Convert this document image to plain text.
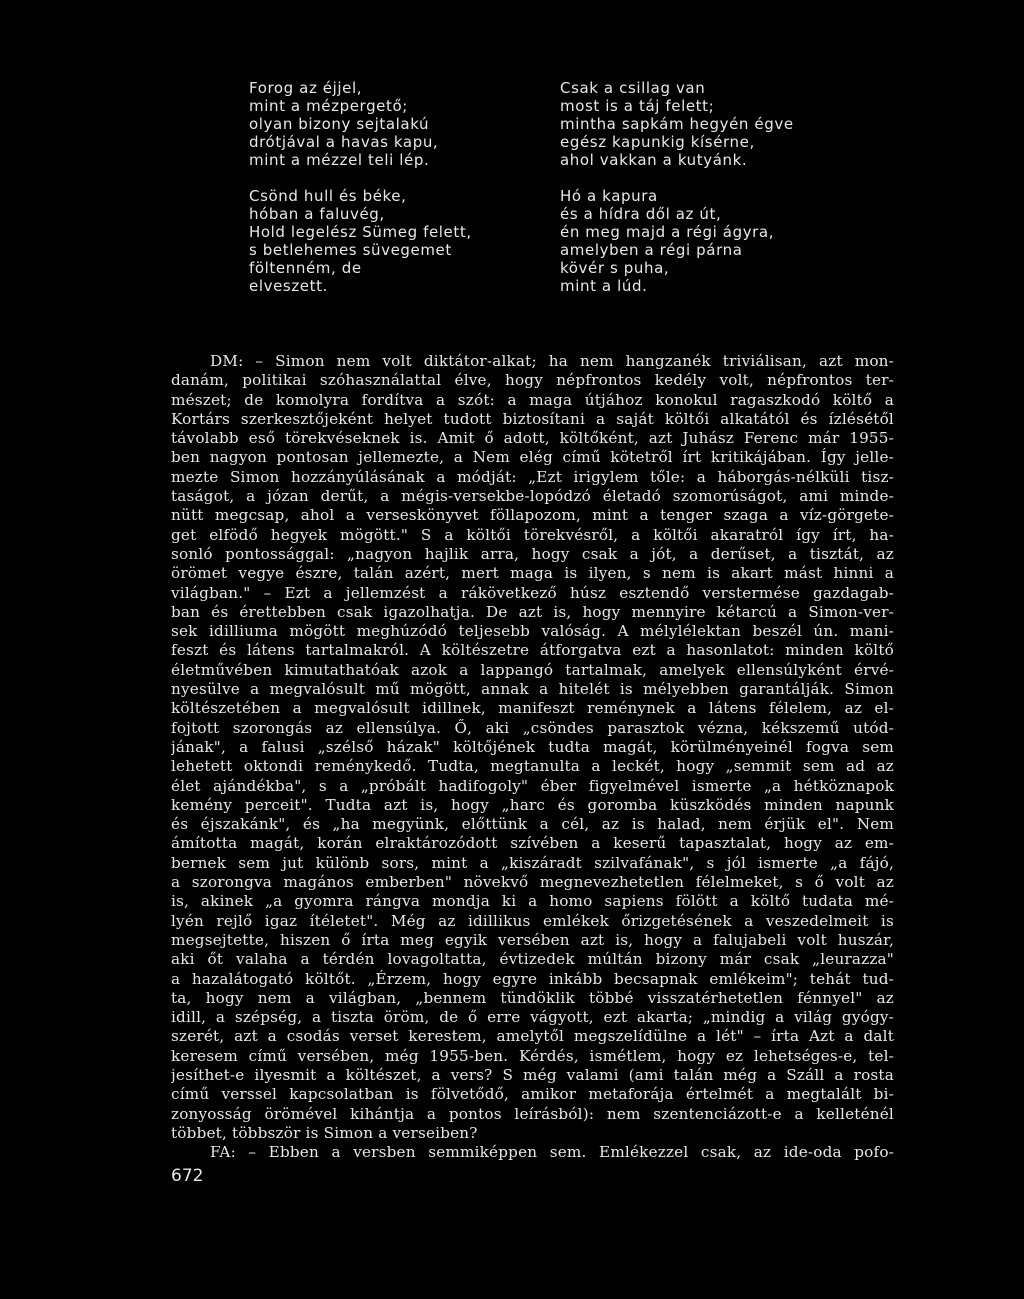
Forog az éjjel,
mint a mézpergető;
olyan bizony sejtalakú
drótjával a havas kapu,
mint a mézzel teli lép.
Csönd hull és béke,
hóban a faluvég,
Hold legelész Sümeg felett,
s betlehemes süvegemet
föltenném, de
elveszett.
Csak a csillag van
most is a táj felett;
mintha sapkám hegyén égve
egész kapunkig kísérne,
ahol vakkan a kutyánk.
Hó a kapura
és a hídra dől az út,
én meg majd a régi ágyra,
amelyben a régi párna
kövér s puha,
mint a lúd.
DM: – Simon nem volt diktátor-alkat; ha nem hangzanék triviálisan, azt mon-
danám, politikai szóhasználattal élve, hogy népfrontos kedély volt, népfrontos ter-
mészet; de komolyra fordítva a szót: a maga útjához konokul ragaszkodó költő a
Kortárs szerkesztőjeként helyet tudott biztosítani a saját költői alkatától és ízlésétől
távolabb eső törekvéseknek is. Amit ő adott, költőként, azt Juhász Ferenc már 1955-
ben nagyon pontosan jellemezte, a Nem elég című kötetről írt kritikájában. Így jelle-
mezte Simon hozzányúlásának a módját: „Ezt irigylem tőle: a háborgás-nélküli tisz-
taságot, a józan derűt, a mégis-versekbe-lopódzó életadó szomorúságot, ami minde-
nütt megcsap, ahol a verseskönyvet föllapozom, mint a tenger szaga a víz-görgete-
get elfödő hegyek mögött." S a költői törekvésről, a költői akaratról így írt, ha-
sonló pontossággal: „nagyon hajlik arra, hogy csak a jót, a derűset, a tisztát, az
örömet vegye észre, talán azért, mert maga is ilyen, s nem is akart mást hinni a
világban." – Ezt a jellemzést a rákövetkező húsz esztendő verstermése gazdagab-
ban és érettebben csak igazolhatja. De azt is, hogy mennyire kétarcú a Simon-ver-
sek idilliuma mögött meghúzódó teljesebb valóság. A mélylélektan beszél ún. mani-
feszt és látens tartalmakról. A költészetre átforgatva ezt a hasonlatot: minden költő
életművében kimutathatóak azok a lappangó tartalmak, amelyek ellensúlyként érvé-
nyesülve a megvalósult mű mögött, annak a hitelét is mélyebben garantálják. Simon
költészetében a megvalósult idillnek, manifeszt reménynek a látens félelem, az el-
fojtott szorongás az ellensúlya. Ő, aki „csöndes parasztok vézna, kékszemű utód-
jának", a falusi „szélső házak" költőjének tudta magát, körülményeinél fogva sem
lehetett oktondi reménykedő. Tudta, megtanulta a leckét, hogy „semmit sem ad az
élet ajándékba", s a „próbált hadifogoly" éber figyelmével ismerte „a hétköznapok
kemény perceit". Tudta azt is, hogy „harc és goromba küszködés minden napunk
és éjszakánk", és „ha megyünk, előttünk a cél, az is halad, nem érjük el". Nem
ámította magát, korán elraktározódott szívében a keserű tapasztalat, hogy az em-
bernek sem jut különb sors, mint a „kiszáradt szilvafának", s jól ismerte „a fájó,
a szorongva magános emberben" növekvő megnevezhetetlen félelmeket, s ő volt az
is, akinek „a gyomra rángva mondja ki a homo sapiens fölött a költő tudata mé-
lyén rejlő igaz ítéletet". Még az idillikus emlékek őrizgetésének a veszedelmeit is
megsejtette, hiszen ő írta meg egyik versében azt is, hogy a falujabeli volt huszár,
aki őt valaha a térdén lovagoltatta, évtizedek múltán bizony már csak „leurazza"
a hazalátogató költőt. „Érzem, hogy egyre inkább becsapnak emlékeim"; tehát tud-
ta, hogy nem a világban, „bennem tündöklik többé visszatérhetetlen fénnyel" az
idill, a szépség, a tiszta öröm, de ő erre vágyott, ezt akarta; „mindig a világ gyógy-
szerét, azt a csodás verset kerestem, amelytől megszelídülne a lét" – írta Azt a dalt
keresem című versében, még 1955-ben. Kérdés, ismétlem, hogy ez lehetséges-e, tel-
jesíthet-e ilyesmit a költészet, a vers? S még valami (ami talán még a Száll a rosta
című verssel kapcsolatban is fölvetődő, amikor metaforája értelmét a megtalált bi-
zonyosság örömével kihántja a pontos leírásból): nem szentenciázott-e a kelleténél
többet, többször is Simon a verseiben?
FA: – Ebben a versben semmiképpen sem. Emlékezzel csak, az ide-oda pofo-
672
